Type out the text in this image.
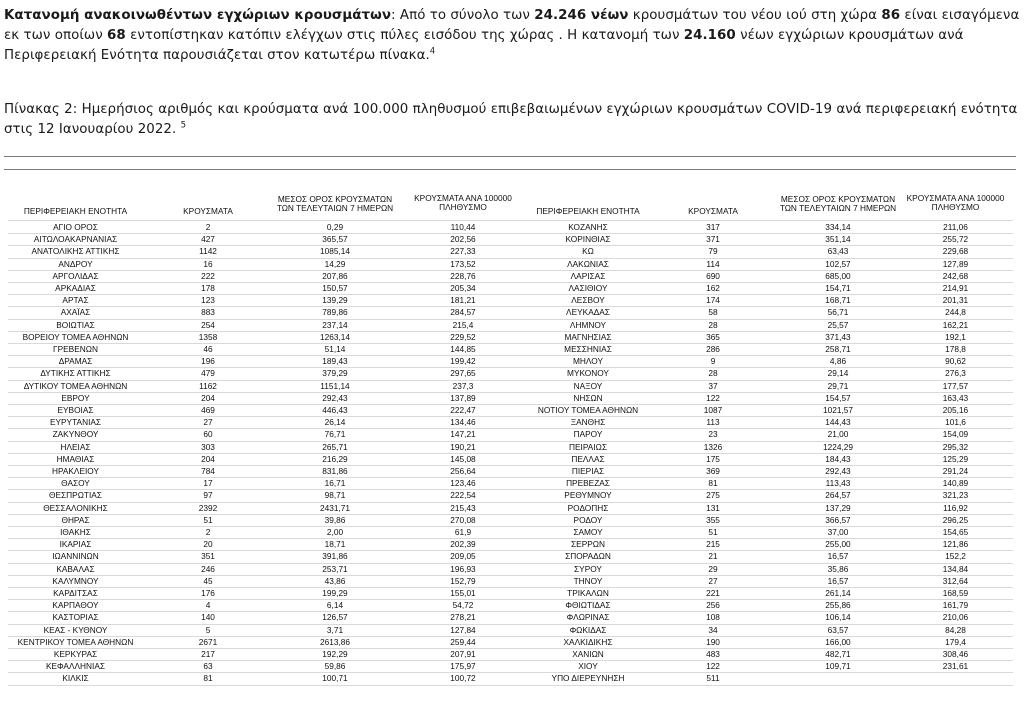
Κατανομή ανακοινωθέντων εγχώριων κρουσμάτων: Από το σύνολο των 24.246 νέων κρουσμάτων του νέου ιού στη χώρα 86 είναι εισαγόμενα εκ των οποίων 68 εντοπίστηκαν κατόπιν ελέγχων στις πύλες εισόδου της χώρας . Η κατανομή των 24.160 νέων εγχώριων κρουσμάτων ανά Περιφερειακή Ενότητα παρουσιάζεται στον κατωτέρω πίνακα.$^4$
Πίνακας 2: Ημερήσιος αριθμός και κρούσματα ανά 100.000 πληθυσμού επιβεβαιωμένων εγχώριων κρουσμάτων COVID-19 ανά περιφερειακή ενότητα στις 12 Ιανουαρίου 2022. $^5$
ΠΕΡΙΦΕΡΕΙΑΚΗ ΕΝΟΤΗΤΑ	ΚΡΟΥΣΜΑΤΑ
ΜΕΣΟΣ ΟΡΟΣ ΚΡΟΥΣΜΑΤΩΝ
ΤΩΝ ΤΕΛΕΥΤΑΙΩΝ 7 ΗΜΕΡΩΝ
ΚΡΟΥΣΜΑΤΑ ΑΝΑ 100000
ΠΛΗΘΥΣΜΟ	ΠΕΡΙΦΕΡΕΙΑΚΗ ΕΝΟΤΗΤΑ	ΚΡΟΥΣΜΑΤΑ
ΜΕΣΟΣ ΟΡΟΣ ΚΡΟΥΣΜΑΤΩΝ
ΤΩΝ ΤΕΛΕΥΤΑΙΩΝ 7 ΗΜΕΡΩΝ
ΚΡΟΥΣΜΑΤΑ ΑΝΑ 100000
ΠΛΗΘΥΣΜΟ
ΑΓΙΟ ΟΡΟΣ	2	0,29	110,44
ΑΙΤΩΛΟΑΚΑΡΝΑΝΙΑΣ	427	365,57	202,56
ΑΝΑΤΟΛΙΚΗΣ ΑΤΤΙΚΗΣ	1142	1085,14	227,33
ΑΝΔΡΟΥ	16	14,29	173,52
ΑΡΓΟΛΙΔΑΣ	222	207,86	228,76
ΑΡΚΑΔΙΑΣ	178	150,57	205,34
ΑΡΤΑΣ	123	139,29	181,21
ΑΧΑΪΑΣ	883	789,86	284,57
ΒΟΙΩΤΙΑΣ	254	237,14	215,4
ΒΟΡΕΙΟΥ ΤΟΜΕΑ ΑΘΗΝΩΝ	1358	1263,14	229,52
ΓΡΕΒΕΝΩΝ	46	51,14	144,85
ΔΡΑΜΑΣ	196	189,43	199,42
ΔΥΤΙΚΗΣ ΑΤΤΙΚΗΣ	479	379,29	297,65
ΔΥΤΙΚΟΥ ΤΟΜΕΑ ΑΘΗΝΩΝ	1162	1151,14	237,3
ΕΒΡΟΥ	204	292,43	137,89
ΕΥΒΟΙΑΣ	469	446,43	222,47
ΕΥΡΥΤΑΝΙΑΣ	27	26,14	134,46
ΖΑΚΥΝΘΟΥ	60	76,71	147,21
ΗΛΕΙΑΣ	303	265,71	190,21
ΗΜΑΘΙΑΣ	204	216,29	145,08
ΗΡΑΚΛΕΙΟΥ	784	831,86	256,64
ΘΑΣΟΥ	17	16,71	123,46
ΘΕΣΠΡΩΤΙΑΣ	97	98,71	222,54
ΘΕΣΣΑΛΟΝΙΚΗΣ	2392	2431,71	215,43
ΘΗΡΑΣ	51	39,86	270,08
ΙΘΑΚΗΣ	2	2,00	61,9
ΙΚΑΡΙΑΣ	20	18,71	202,39
ΙΩΑΝΝΙΝΩΝ	351	391,86	209,05
ΚΑΒΑΛΑΣ	246	253,71	196,93
ΚΑΛΥΜΝΟΥ	45	43,86	152,79
ΚΑΡΔΙΤΣΑΣ	176	199,29	155,01
ΚΑΡΠΑΘΟΥ	4	6,14	54,72
ΚΑΣΤΟΡΙΑΣ	140	126,57	278,21
ΚΕΑΣ - ΚΥΘΝΟΥ	5	3,71	127,84
ΚΕΝΤΡΙΚΟΥ ΤΟΜΕΑ ΑΘΗΝΩΝ	2671	2613,86	259,44
ΚΕΡΚΥΡΑΣ	217	192,29	207,91
ΚΕΦΑΛΛΗΝΙΑΣ	63	59,86	175,97
ΚΙΛΚΙΣ	81	100,71	100,72
ΚΟΖΑΝΗΣ	317	334,14	211,06
ΚΟΡΙΝΘΙΑΣ	371	351,14	255,72
ΚΩ	79	63,43	229,68
ΛΑΚΩΝΙΑΣ	114	102,57	127,89
ΛΑΡΙΣΑΣ	690	685,00	242,68
ΛΑΣΙΘΙΟΥ	162	154,71	214,91
ΛΕΣΒΟΥ	174	168,71	201,31
ΛΕΥΚΑΔΑΣ	58	56,71	244,8
ΛΗΜΝΟΥ	28	25,57	162,21
ΜΑΓΝΗΣΙΑΣ	365	371,43	192,1
ΜΕΣΣΗΝΙΑΣ	286	258,71	178,8
ΜΗΛΟΥ	9	4,86	90,62
ΜΥΚΟΝΟΥ	28	29,14	276,3
ΝΑΞΟΥ	37	29,71	177,57
ΝΗΣΩΝ	122	154,57	163,43
ΝΟΤΙΟΥ ΤΟΜΕΑ ΑΘΗΝΩΝ	1087	1021,57	205,16
ΞΑΝΘΗΣ	113	144,43	101,6
ΠΑΡΟΥ	23	21,00	154,09
ΠΕΙΡΑΙΩΣ	1326	1224,29	295,32
ΠΕΛΛΑΣ	175	184,43	125,29
ΠΙΕΡΙΑΣ	369	292,43	291,24
ΠΡΕΒΕΖΑΣ	81	113,43	140,89
ΡΕΘΥΜΝΟΥ	275	264,57	321,23
ΡΟΔΟΠΗΣ	131	137,29	116,92
ΡΟΔΟΥ	355	366,57	296,25
ΣΑΜΟΥ	51	37,00	154,65
ΣΕΡΡΩΝ	215	255,00	121,86
ΣΠΟΡΑΔΩΝ	21	16,57	152,2
ΣΥΡΟΥ	29	35,86	134,84
ΤΗΝΟΥ	27	16,57	312,64
ΤΡΙΚΑΛΩΝ	221	261,14	168,59
ΦΘΙΩΤΙΔΑΣ	256	255,86	161,79
ΦΛΩΡΙΝΑΣ	108	106,14	210,06
ΦΩΚΙΔΑΣ	34	63,57	84,28
ΧΑΛΚΙΔΙΚΗΣ	190	166,00	179,4
ΧΑΝΙΩΝ	483	482,71	308,46
ΧΙΟΥ	122	109,71	231,61
ΥΠΟ ΔΙΕΡΕΥΝΗΣΗ	511
